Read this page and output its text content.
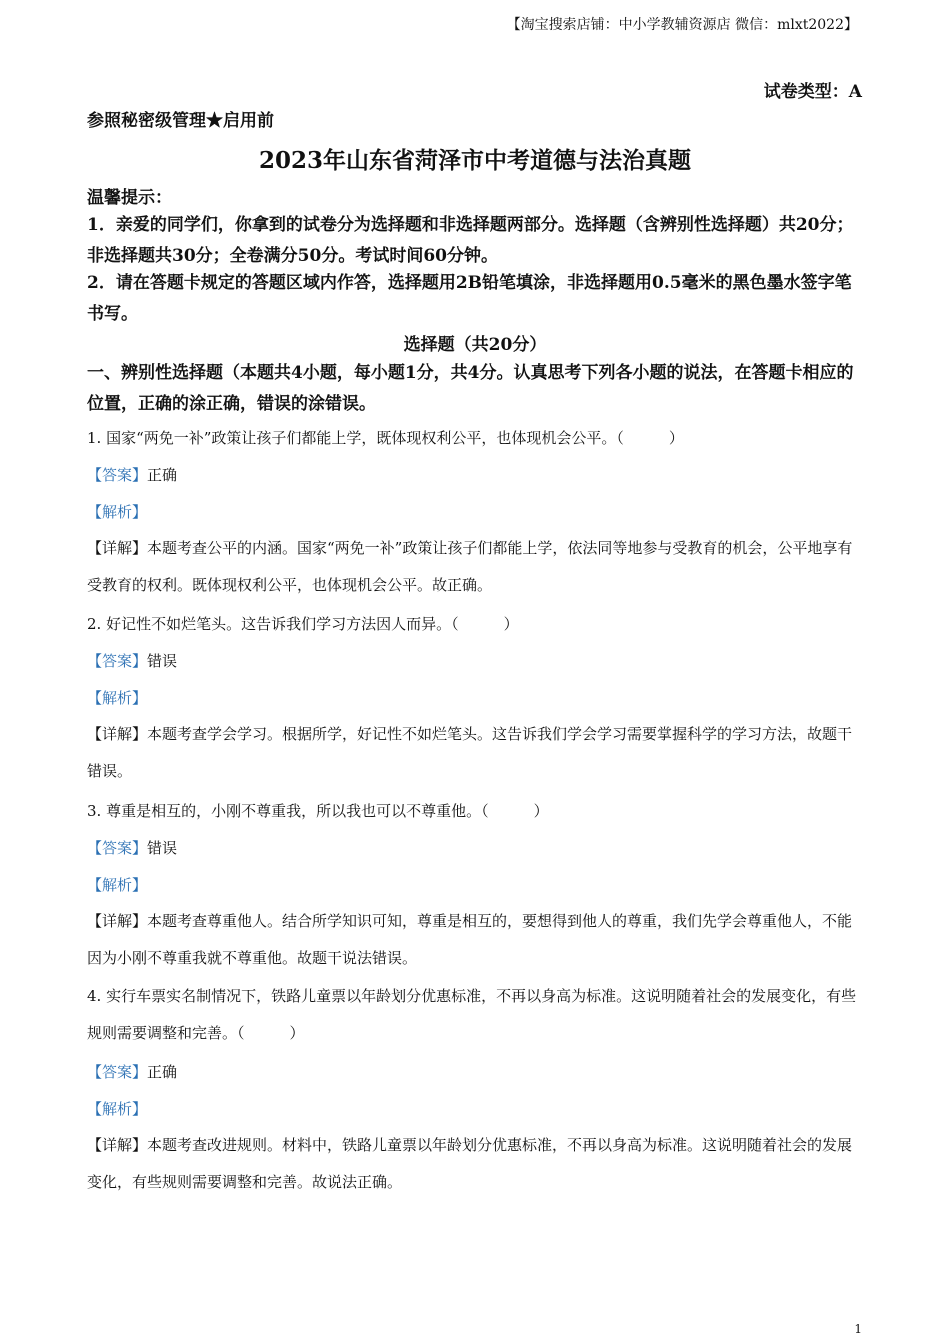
【淘宝搜索店铺：中小学教辅资源店 微信：mlxt2022】
试卷类型：A
参照秘密级管理★启用前
2023年山东省菏泽市中考道德与法治真题
温馨提示：
1．亲爱的同学们，你拿到的试卷分为选择题和非选择题两部分。选择题（含辨别性选择题）共20分；非选择题共30分；全卷满分50分。考试时间60分钟。
2．请在答题卡规定的答题区域内作答，选择题用2B铅笔填涂，非选择题用0.5毫米的黑色墨水签字笔书写。
选择题（共20分）
一、辨别性选择题（本题共4小题，每小题1分，共4分。认真思考下列各小题的说法，在答题卡相应的位置，正确的涂正确，错误的涂错误。
1. 国家“两免一补”政策让孩子们都能上学，既体现权利公平，也体现机会公平。（　　　）
【答案】正确
【解析】
【详解】本题考查公平的内涵。国家“两免一补”政策让孩子们都能上学，依法同等地参与受教育的机会，公平地享有受教育的权利。既体现权利公平，也体现机会公平。故正确。
2. 好记性不如烂笔头。这告诉我们学习方法因人而异。（　　　）
【答案】错误
【解析】
【详解】本题考查学会学习。根据所学，好记性不如烂笔头。这告诉我们学会学习需要掌握科学的学习方法，故题干错误。
3. 尊重是相互的，小刚不尊重我，所以我也可以不尊重他。（　　　）
【答案】错误
【解析】
【详解】本题考查尊重他人。结合所学知识可知，尊重是相互的，要想得到他人的尊重，我们先学会尊重他人，不能因为小刚不尊重我就不尊重他。故题干说法错误。
4. 实行车票实名制情况下，铁路儿童票以年龄划分优惠标准，不再以身高为标准。这说明随着社会的发展变化，有些规则需要调整和完善。（　　　）
【答案】正确
【解析】
【详解】本题考查改进规则。材料中，铁路儿童票以年龄划分优惠标准，不再以身高为标准。这说明随着社会的发展变化，有些规则需要调整和完善。故说法正确。
1
